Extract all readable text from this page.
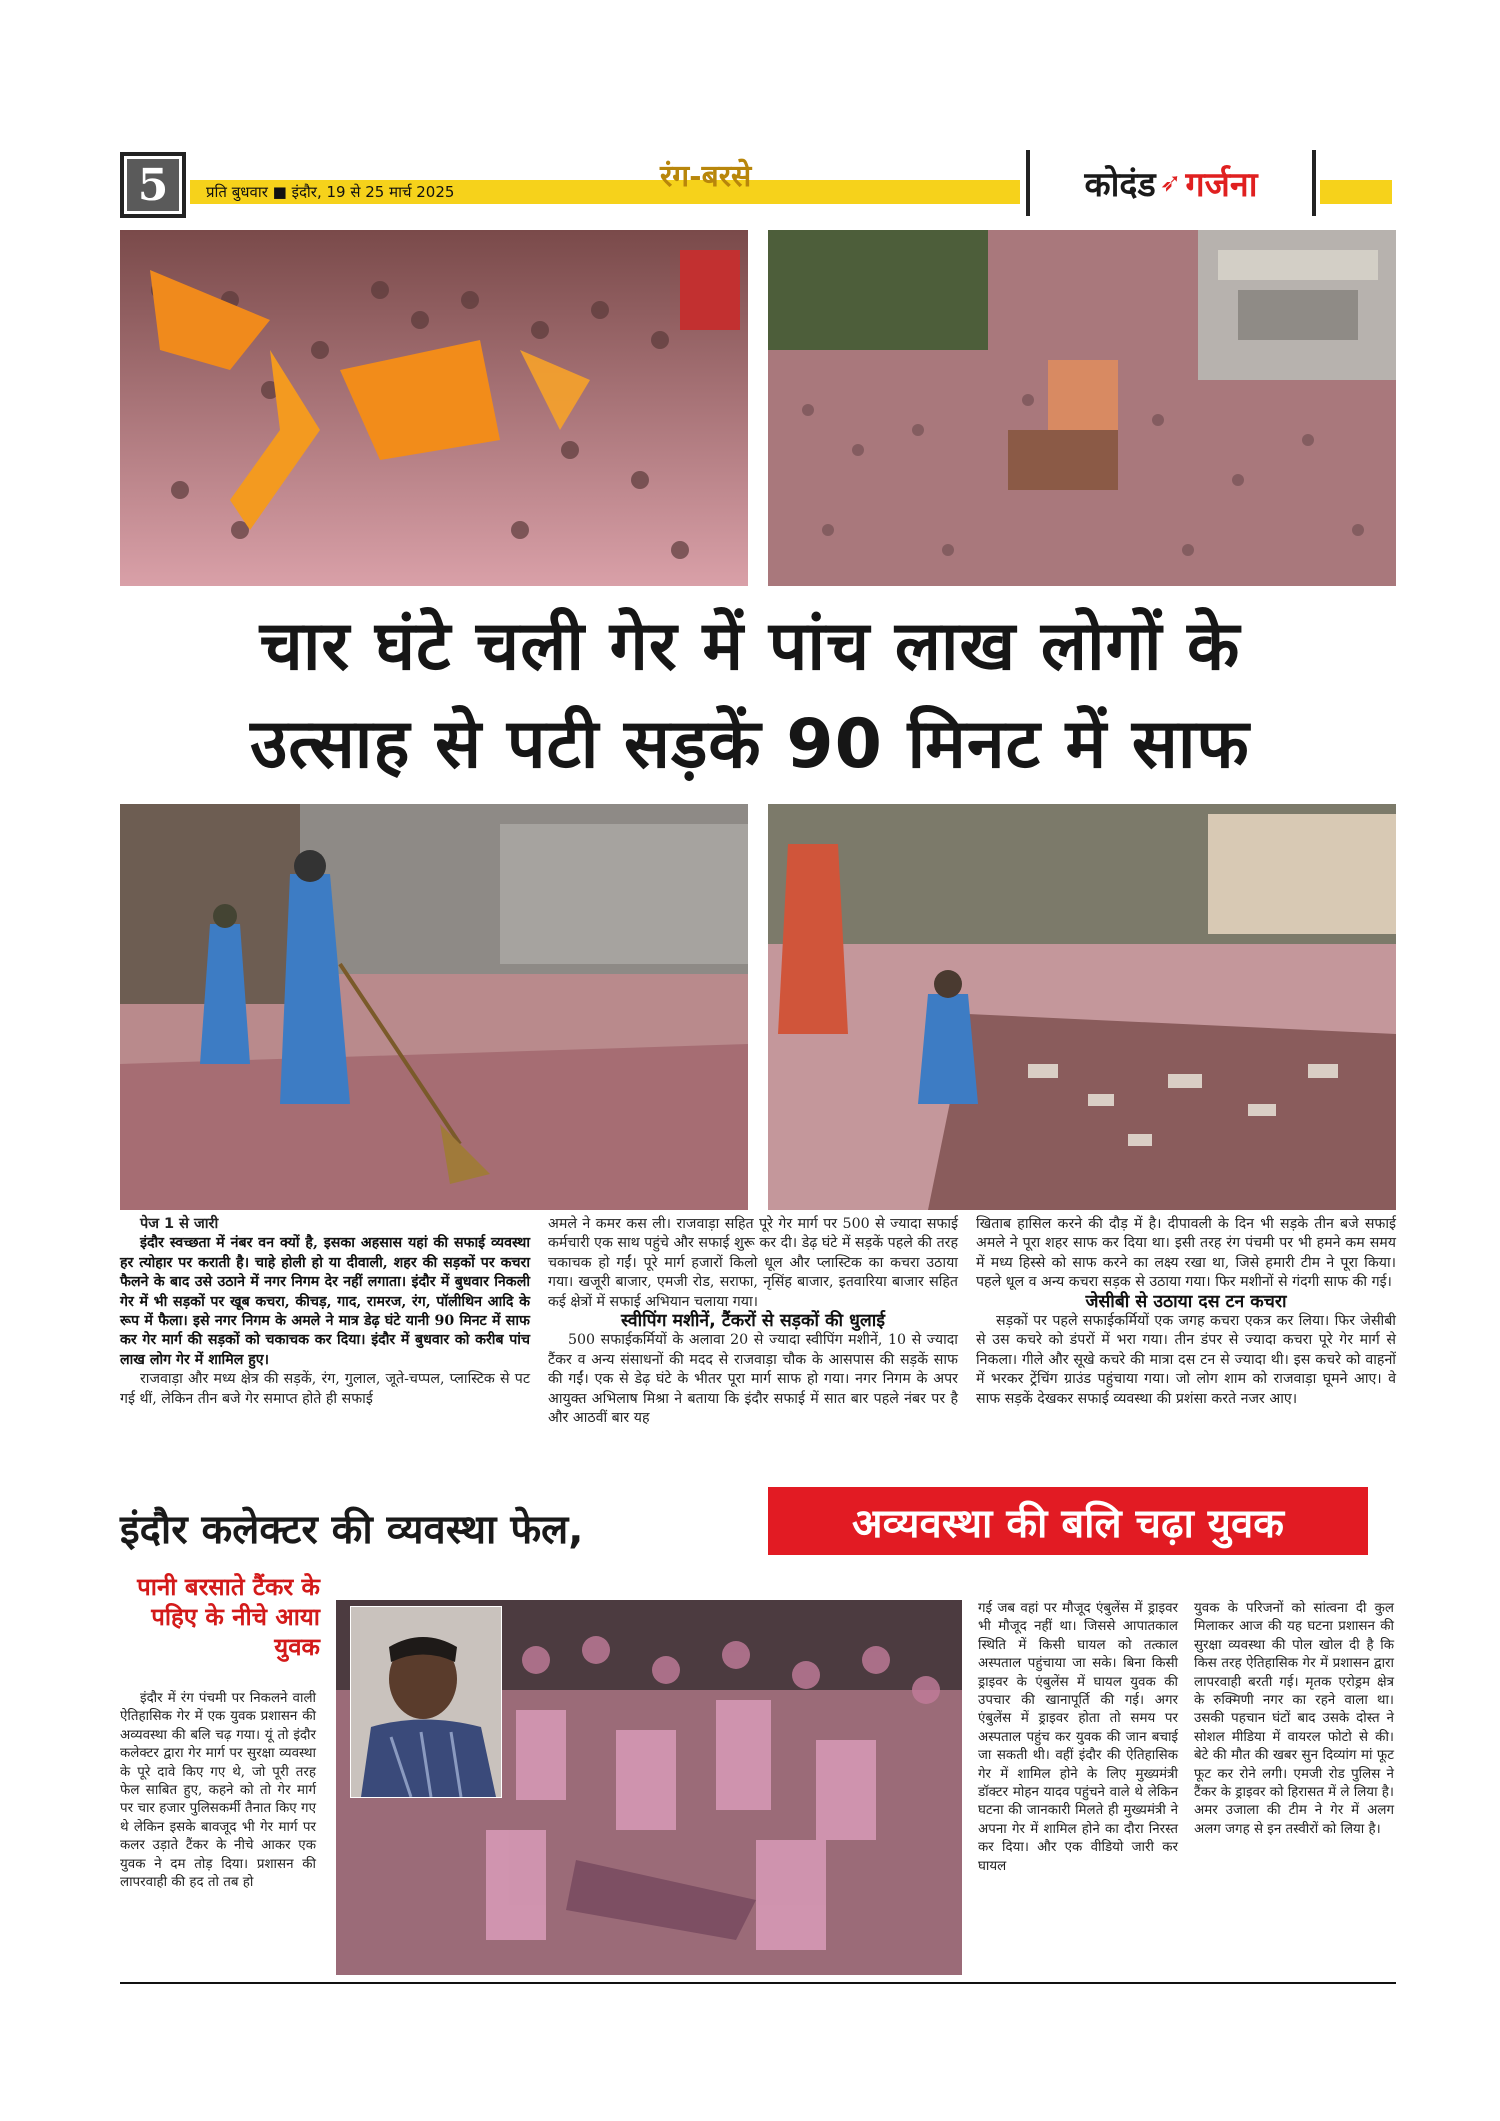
5	प्रति बुधवार ■ इंदौर, 19 से 25 मार्च 2025	रंग-बरसे	कोदंड ➶ गर्जना
चार घंटे चली गेर में पांच लाख लोगों के
उत्साह से पटी सड़कें 90 मिनट में साफ

पेज 1 से जारी

इंदौर स्वच्छता में नंबर वन क्यों है, इसका अहसास यहां की सफाई व्यवस्था हर त्योहार पर कराती है। चाहे होली हो या दीवाली, शहर की सड़कों पर कचरा फैलने के बाद उसे उठाने में नगर निगम देर नहीं लगाता। इंदौर में बुधवार निकली गेर में भी सड़कों पर खूब कचरा, कीचड़, गाद, रामरज, रंग, पॉलीथिन आदि के रूप में फैला। इसे नगर निगम के अमले ने मात्र डेढ़ घंटे यानी 90 मिनट में साफ कर गेर मार्ग की सड़कों को चकाचक कर दिया। इंदौर में बुधवार को करीब पांच लाख लोग गेर में शामिल हुए।

राजवाड़ा और मध्य क्षेत्र की सड़कें, रंग, गुलाल, जूते-चप्पल, प्लास्टिक से पट गई थीं, लेकिन तीन बजे गेर समाप्त होते ही सफाई

अमले ने कमर कस ली। राजवाड़ा सहित पूरे गेर मार्ग पर 500 से ज्यादा सफाई कर्मचारी एक साथ पहुंचे और सफाई शुरू कर दी। डेढ़ घंटे में सड़कें पहले की तरह चकाचक हो गईं। पूरे मार्ग हजारों किलो धूल और प्लास्टिक का कचरा उठाया गया। खजूरी बाजार, एमजी रोड, सराफा, नृसिंह बाजार, इतवारिया बाजार सहित कई क्षेत्रों में सफाई अभियान चलाया गया।

स्वीपिंग मशीनें, टैंकरों से सड़कों की धुलाई

500 सफाईकर्मियों के अलावा 20 से ज्यादा स्वीपिंग मशीनें, 10 से ज्यादा टैंकर व अन्य संसाधनों की मदद से राजवाड़ा चौक के आसपास की सड़कें साफ की गईं। एक से डेढ़ घंटे के भीतर पूरा मार्ग साफ हो गया। नगर निगम के अपर आयुक्त अभिलाष मिश्रा ने बताया कि इंदौर सफाई में सात बार पहले नंबर पर है और आठवीं बार यह

खिताब हासिल करने की दौड़ में है। दीपावली के दिन भी सड़के तीन बजे सफाई अमले ने पूरा शहर साफ कर दिया था। इसी तरह रंग पंचमी पर भी हमने कम समय में मध्य हिस्से को साफ करने का लक्ष्य रखा था, जिसे हमारी टीम ने पूरा किया। पहले धूल व अन्य कचरा सड़क से उठाया गया। फिर मशीनों से गंदगी साफ की गई।

जेसीबी से उठाया दस टन कचरा

सड़कों पर पहले सफाईकर्मियों एक जगह कचरा एकत्र कर लिया। फिर जेसीबी से उस कचरे को डंपरों में भरा गया। तीन डंपर से ज्यादा कचरा पूरे गेर मार्ग से निकला। गीले और सूखे कचरे की मात्रा दस टन से ज्यादा थी। इस कचरे को वाहनों में भरकर ट्रेंचिंग ग्राउंड पहुंचाया गया। जो लोग शाम को राजवाड़ा घूमने आए। वे साफ सड़कें देखकर सफाई व्यवस्था की प्रशंसा करते नजर आए।

इंदौर कलेक्टर की व्यवस्था फेल,	अव्यवस्था की बलि चढ़ा युवक
पानी बरसाते टैंकर के पहिए के नीचे आया युवक

इंदौर में रंग पंचमी पर निकलने वाली ऐतिहासिक गेर में एक युवक प्रशासन की अव्यवस्था की बलि चढ़ गया। यूं तो इंदौर कलेक्टर द्वारा गेर मार्ग पर सुरक्षा व्यवस्था के पूरे दावे किए गए थे, जो पूरी तरह फेल साबित हुए, कहने को तो गेर मार्ग पर चार हजार पुलिसकर्मी तैनात किए गए थे लेकिन इसके बावजूद भी गेर मार्ग पर कलर उड़ाते टैंकर के नीचे आकर एक युवक ने दम तोड़ दिया। प्रशासन की लापरवाही की हद तो तब हो

गई जब वहां पर मौजूद एंबुलेंस में ड्राइवर भी मौजूद नहीं था। जिससे आपातकाल स्थिति में किसी घायल को तत्काल अस्पताल पहुंचाया जा सके। बिना किसी ड्राइवर के एंबुलेंस में घायल युवक की उपचार की खानापूर्ति की गई। अगर एंबुलेंस में ड्राइवर होता तो समय पर अस्पताल पहुंच कर युवक की जान बचाई जा सकती थी। वहीं इंदौर की ऐतिहासिक गेर में शामिल होने के लिए मुख्यमंत्री डॉक्टर मोहन यादव पहुंचने वाले थे लेकिन घटना की जानकारी मिलते ही मुख्यमंत्री ने अपना गेर में शामिल होने का दौरा निरस्त कर दिया। और एक वीडियो जारी कर घायल

युवक के परिजनों को सांत्वना दी कुल मिलाकर आज की यह घटना प्रशासन की सुरक्षा व्यवस्था की पोल खोल दी है कि किस तरह ऐतिहासिक गेर में प्रशासन द्वारा लापरवाही बरती गई। मृतक एरोड्रम क्षेत्र के रुक्मिणी नगर का रहने वाला था। उसकी पहचान घंटों बाद उसके दोस्त ने सोशल मीडिया में वायरल फोटो से की। बेटे की मौत की खबर सुन दिव्यांग मां फूट फूट कर रोने लगी। एमजी रोड पुलिस ने टैंकर के ड्राइवर को हिरासत में ले लिया है। अमर उजाला की टीम ने गेर में अलग अलग जगह से इन तस्वीरों को लिया है।
